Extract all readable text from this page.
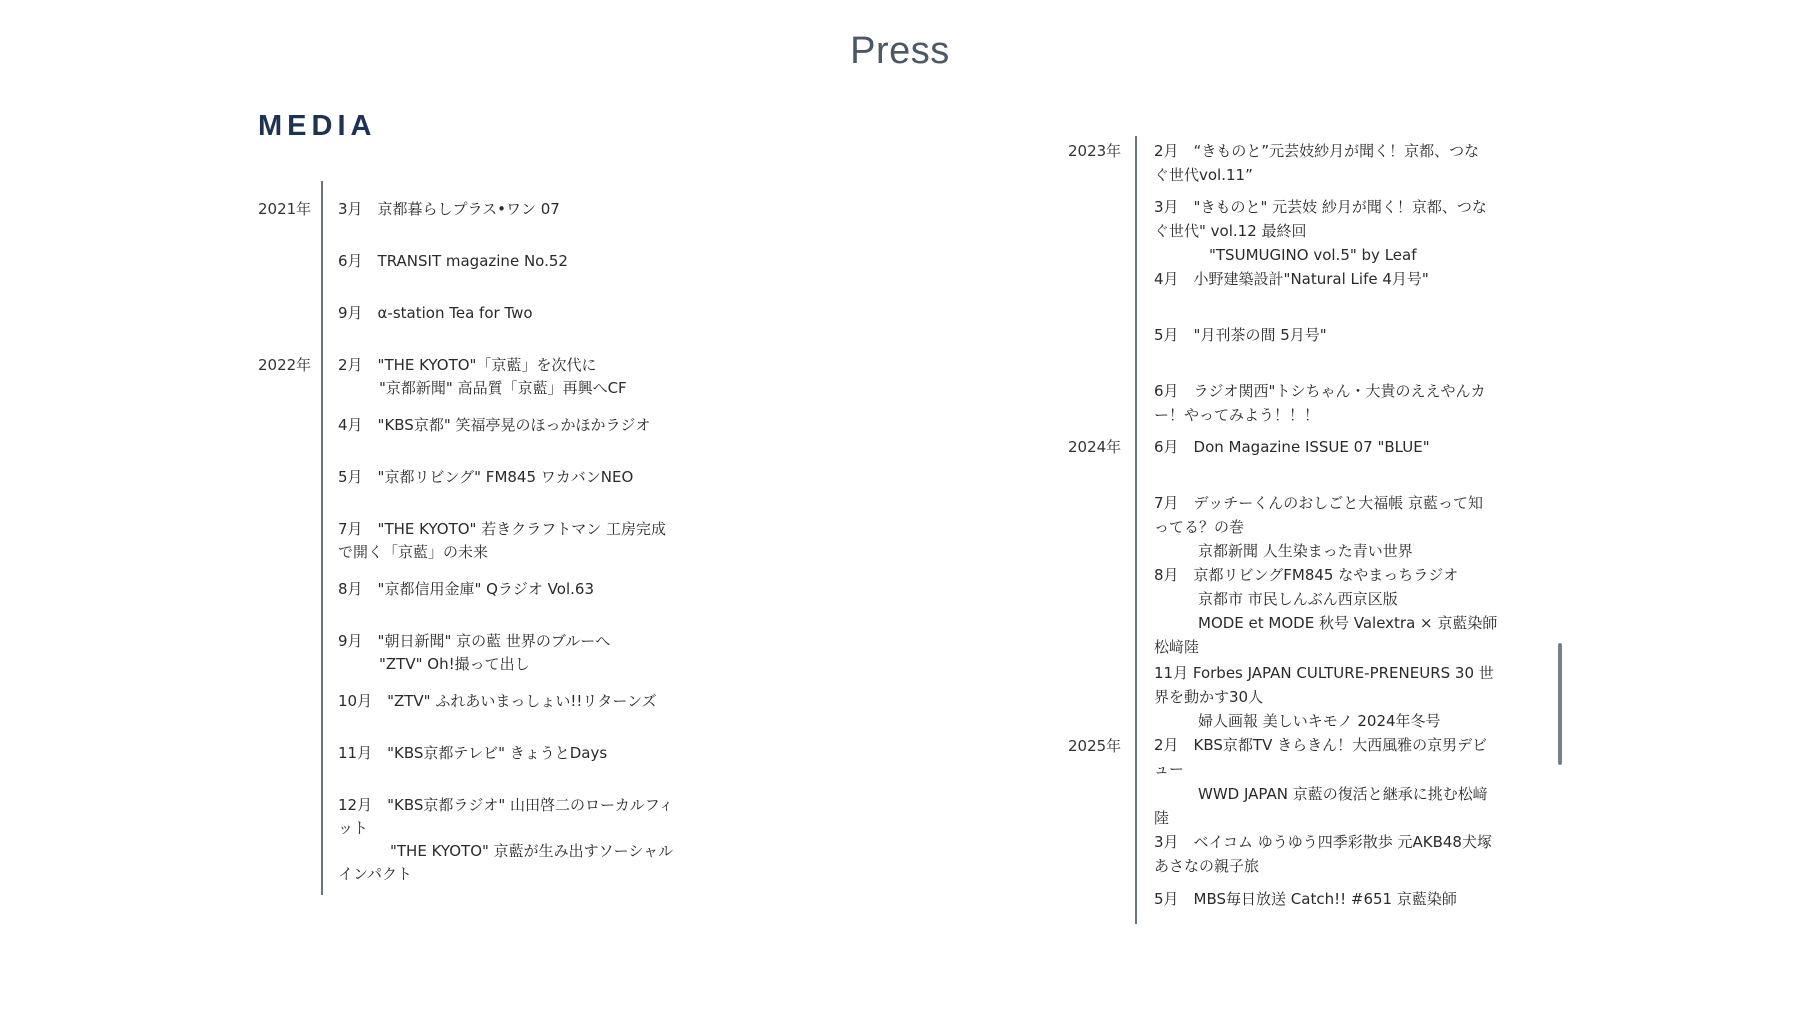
Press
MEDIA
2021年
2022年
3月　京都暮らしプラス•ワン 07
6月　TRANSIT magazine No.52
9月　α-station Tea for Two
2月　"THE KYOTO"「京藍」を次代に
"京都新聞" 高品質「京藍」再興へCF
4月　"KBS京都" 笑福亭晃のほっかほかラジオ
5月　"京都リビング" FM845 ワカバンNEO
7月　"THE KYOTO" 若きクラフトマン 工房完成
で開く「京藍」の未来
8月　"京都信用金庫" Qラジオ Vol.63
9月　"朝日新聞" 京の藍 世界のブルーへ
"ZTV" Oh!撮って出し
10月　"ZTV" ふれあいまっしょい!!リターンズ
11月　"KBS京都テレビ" きょうとDays
12月　"KBS京都ラジオ" 山田啓二のローカルフィ
ット
"THE KYOTO" 京藍が生み出すソーシャル
インパクト
2023年
2024年
2025年
2月　“きものと”元芸妓紗月が聞く！京都、つな
ぐ世代vol.11”
3月　"きものと" 元芸妓 紗月が聞く！京都、つな
ぐ世代" vol.12 最終回
"TSUMUGINO vol.5" by Leaf
4月　小野建築設計"Natural Life 4月号"
5月　"月刊茶の間 5月号"
6月　ラジオ関西"トシちゃん・大貴のええやんカ
ー！やってみよう！！！
6月　Don Magazine ISSUE 07 "BLUE"
7月　デッチーくんのおしごと大福帳 京藍って知
ってる？の巻
京都新聞 人生染まった青い世界
8月　京都リビングFM845 なやまっちラジオ
京都市 市民しんぶん西京区版
MODE et MODE 秋号 Valextra × 京藍染師
松﨑陸
11月 Forbes JAPAN CULTURE-PRENEURS 30 世
界を動かす30人
婦人画報 美しいキモノ 2024年冬号
2月　KBS京都TV きらきん！大西風雅の京男デビ
ュー
WWD JAPAN 京藍の復活と継承に挑む松﨑
陸
3月　ベイコム ゆうゆう四季彩散歩 元AKB48犬塚
あさなの親子旅
5月　MBS毎日放送 Catch!! #651 京藍染師
